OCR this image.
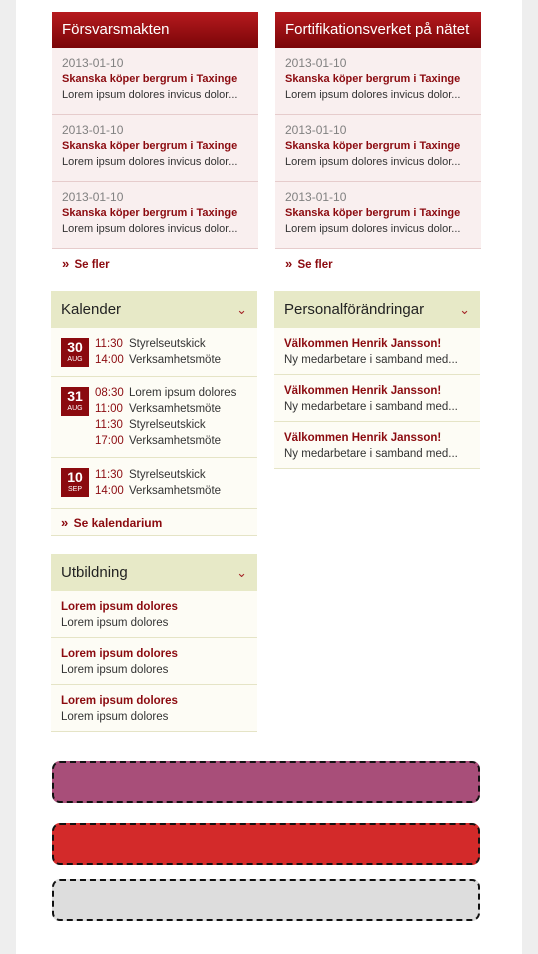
Försvarsmakten
2013-01-10
Skanska köper bergrum i Taxinge
Lorem ipsum dolores invicus dolor...
2013-01-10
Skanska köper bergrum i Taxinge
Lorem ipsum dolores invicus dolor...
2013-01-10
Skanska köper bergrum i Taxinge
Lorem ipsum dolores invicus dolor...
» Se fler
Fortifikationsverket på nätet
2013-01-10
Skanska köper bergrum i Taxinge
Lorem ipsum dolores invicus dolor...
2013-01-10
Skanska köper bergrum i Taxinge
Lorem ipsum dolores invicus dolor...
2013-01-10
Skanska köper bergrum i Taxinge
Lorem ipsum dolores invicus dolor...
» Se fler
Kalender	⌄
30
AUG
11:30 Styrelseutskick
14:00 Verksamhetsmöte
31
AUG
08:30 Lorem ipsum dolores
11:00 Verksamhetsmöte
11:30 Styrelseutskick
17:00 Verksamhetsmöte
10
SEP
11:30 Styrelseutskick
14:00 Verksamhetsmöte
» Se kalendarium
Personalförändringar	⌄
Välkommen Henrik Jansson!
Ny medarbetare i samband med...
Välkommen Henrik Jansson!
Ny medarbetare i samband med...
Välkommen Henrik Jansson!
Ny medarbetare i samband med...
Utbildning	⌄
Lorem ipsum dolores
Lorem ipsum dolores
Lorem ipsum dolores
Lorem ipsum dolores
Lorem ipsum dolores
Lorem ipsum dolores
